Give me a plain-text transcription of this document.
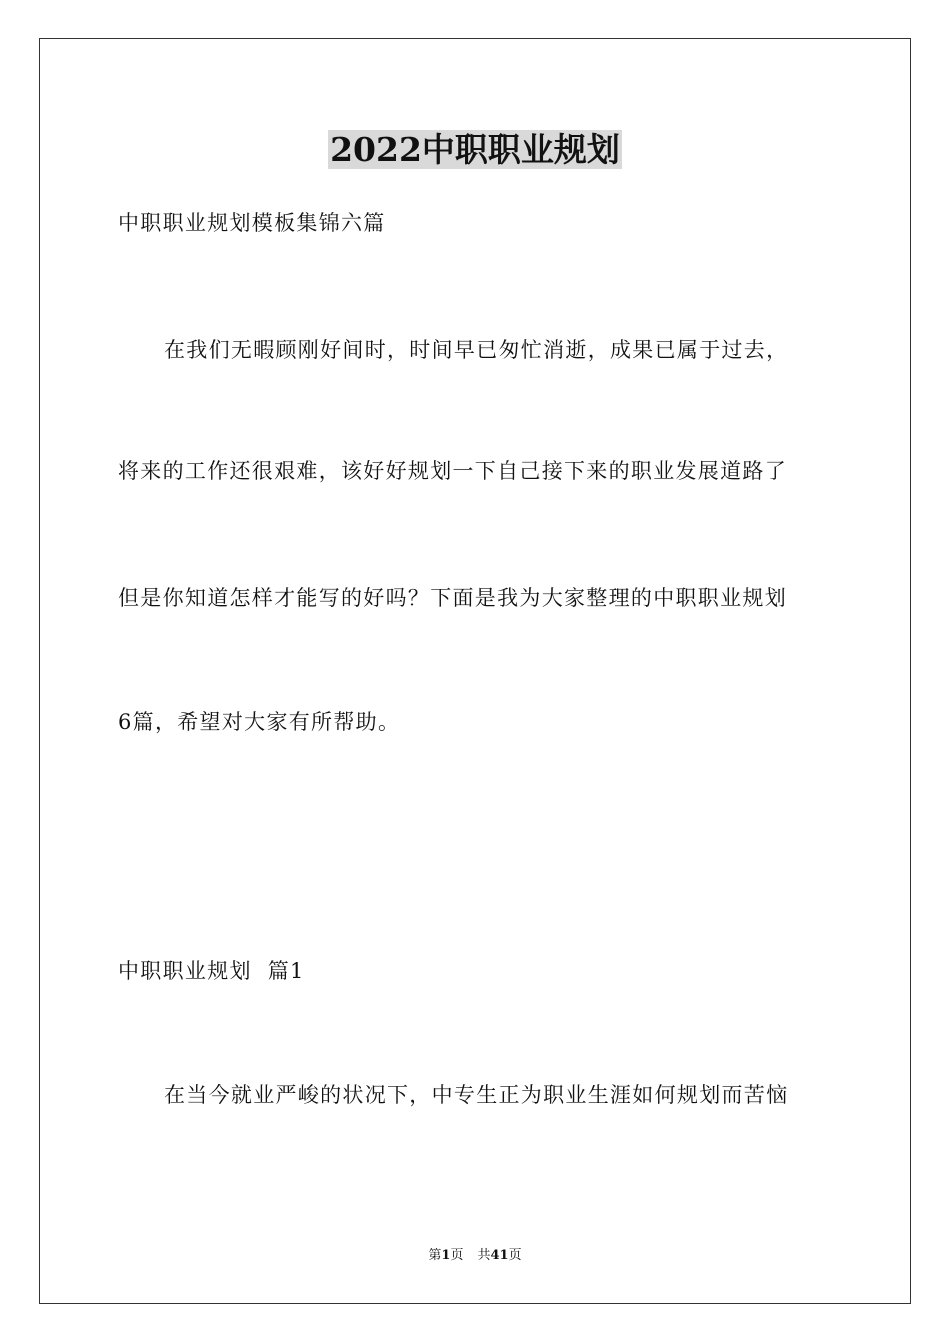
2022中职职业规划
中职职业规划模板集锦六篇
在我们无暇顾刚好间时，时间早已匆忙消逝，成果已属于过去，
将来的工作还很艰难，该好好规划一下自己接下来的职业发展道路了
但是你知道怎样才能写的好吗？下面是我为大家整理的中职职业规划
6篇，希望对大家有所帮助。
中职职业规划  篇1
在当今就业严峻的状况下，中专生正为职业生涯如何规划而苦恼
第1页 共41页
